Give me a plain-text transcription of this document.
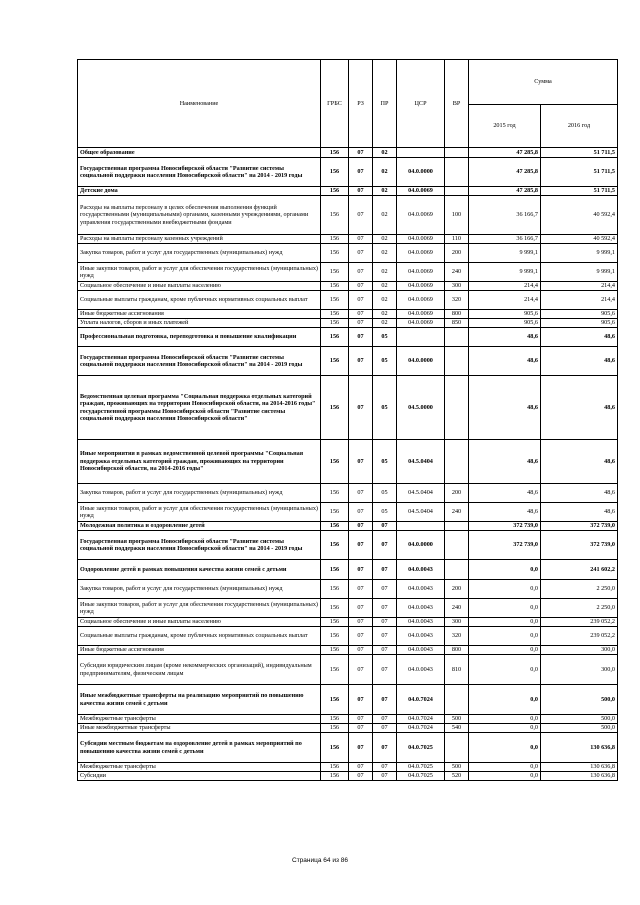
Наименование	ГРБС	РЗ	ПР	ЦСР	ВР	Сумма	
						2015 год	2016 год
Общее образование	156	07	02			47 285,8	51 711,5
Государственная программа Новосибирской области "Развитие системы социальной поддержки населения Новосибирской области" на 2014 - 2019 годы	156	07	02	04.0.0000		47 285,8	51 711,5
Детские дома	156	07	02	04.0.0069		47 285,8	51 711,5
Расходы на выплаты персоналу в целях обеспечения выполнения функций государственными (муниципальными) органами, казенными учреждениями, органами управления государственными внебюджетными фондами	156	07	02	04.0.0069	100	36 166,7	40 592,4
Расходы на выплаты персоналу казенных учреждений	156	07	02	04.0.0069	110	36 166,7	40 592,4
Закупка товаров, работ и услуг для государственных (муниципальных) нужд	156	07	02	04.0.0069	200	9 999,1	9 999,1
Иные закупки товаров, работ и услуг для обеспечения государственных (муниципальных) нужд	156	07	02	04.0.0069	240	9 999,1	9 999,1
Социальное обеспечение и иные выплаты населению	156	07	02	04.0.0069	300	214,4	214,4
Социальные выплаты гражданам, кроме публичных нормативных социальных выплат	156	07	02	04.0.0069	320	214,4	214,4
Иные бюджетные ассигнования	156	07	02	04.0.0069	800	905,6	905,6
Уплата налогов, сборов и иных платежей	156	07	02	04.0.0069	850	905,6	905,6
Профессиональная подготовка, переподготовка и повышение квалификации	156	07	05			48,6	48,6
Государственная программа Новосибирской области "Развитие системы социальной поддержки населения Новосибирской области" на 2014 - 2019 годы	156	07	05	04.0.0000		48,6	48,6
Ведомственная целевая программа "Социальная поддержка отдельных категорий граждан, проживающих на территории Новосибирской области, на 2014-2016 годы" государственной программы Новосибирской области "Развитие системы социальной поддержки населения Новосибирской области"	156	07	05	04.5.0000		48,6	48,6
Иные мероприятия в рамках ведомственной целевой программы "Социальная поддержка отдельных категорий граждан, проживающих на территории Новосибирской области, на 2014-2016 годы"	156	07	05	04.5.0404		48,6	48,6
Закупка товаров, работ и услуг для государственных (муниципальных) нужд	156	07	05	04.5.0404	200	48,6	48,6
Иные закупки товаров, работ и услуг для обеспечения государственных (муниципальных) нужд	156	07	05	04.5.0404	240	48,6	48,6
Молодежная политика и оздоровление детей	156	07	07			372 739,0	372 739,0
Государственная программа Новосибирской области "Развитие системы социальной поддержки населения Новосибирской области" на 2014 - 2019 годы	156	07	07	04.0.0000		372 739,0	372 739,0
Оздоровление детей в рамках повышения качества жизни семей с детьми	156	07	07	04.0.0043		0,0	241 602,2
Закупка товаров, работ и услуг для государственных (муниципальных) нужд	156	07	07	04.0.0043	200	0,0	2 250,0
Иные закупки товаров, работ и услуг для обеспечения государственных (муниципальных) нужд	156	07	07	04.0.0043	240	0,0	2 250,0
Социальное обеспечение и иные выплаты населению	156	07	07	04.0.0043	300	0,0	239 052,2
Социальные выплаты гражданам, кроме публичных нормативных социальных выплат	156	07	07	04.0.0043	320	0,0	239 052,2
Иные бюджетные ассигнования	156	07	07	04.0.0043	800	0,0	300,0
Субсидии юридическим лицам (кроме некоммерческих организаций), индивидуальным предпринимателям, физическим лицам	156	07	07	04.0.0043	810	0,0	300,0
Иные межбюджетные трансферты на реализацию мероприятий по повышению качества жизни семей с детьми	156	07	07	04.0.7024		0,0	500,0
Межбюджетные трансферты	156	07	07	04.0.7024	500	0,0	500,0
Иные межбюджетные трансферты	156	07	07	04.0.7024	540	0,0	500,0
Субсидии местным бюджетам на оздоровление детей в рамках мероприятий по повышению качества жизни семей с детьми	156	07	07	04.0.7025		0,0	130 636,8
Межбюджетные трансферты	156	07	07	04.0.7025	500	0,0	130 636,8
Субсидии	156	07	07	04.0.7025	520	0,0	130 636,8
Страница 64 из 86
